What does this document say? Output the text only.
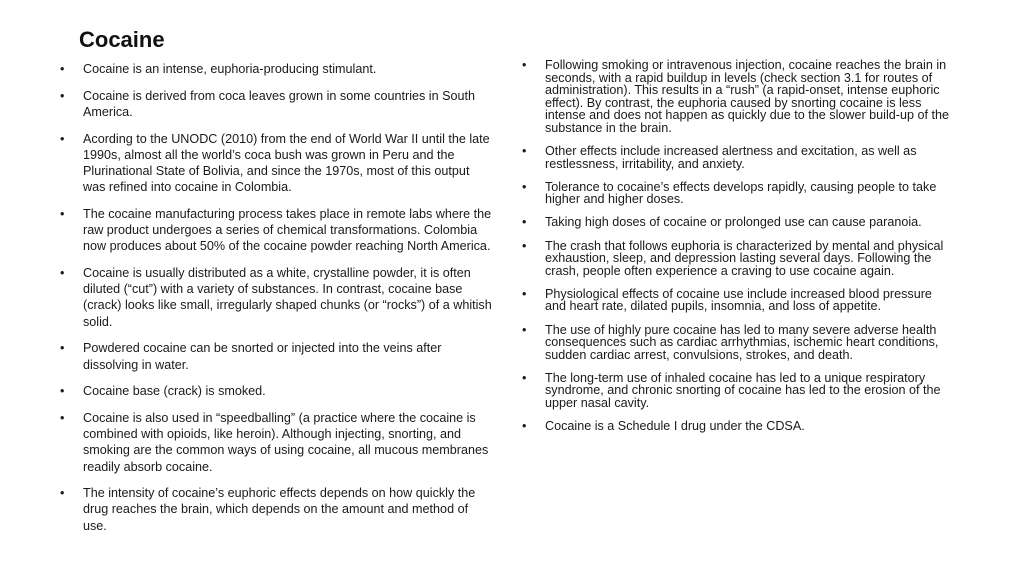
Cocaine
• Cocaine is an intense, euphoria-producing stimulant.
• Cocaine is derived from coca leaves grown in some countries in South America.
• Acording to the UNODC (2010) from the end of World War II until the late 1990s, almost all the world’s coca bush was grown in Peru and the Plurinational State of Bolivia, and since the 1970s, most of this output was refined into cocaine in Colombia.
• The cocaine manufacturing process takes place in remote labs where the raw product undergoes a series of chemical transformations. Colombia now produces about 50% of the cocaine powder reaching North America.
• Cocaine is usually distributed as a white, crystalline powder, it is often diluted (“cut”) with a variety of substances. In contrast, cocaine base (crack) looks like small, irregularly shaped chunks (or “rocks”) of a whitish solid.
• Powdered cocaine can be snorted or injected into the veins after dissolving in water.
• Cocaine base (crack) is smoked.
• Cocaine is also used in “speedballing” (a practice where the cocaine is combined with opioids, like heroin). Although injecting, snorting, and smoking are the common ways of using cocaine, all mucous membranes readily absorb cocaine.
• The intensity of cocaine’s euphoric effects depends on how quickly the drug reaches the brain, which depends on the amount and method of use.
• Following smoking or intravenous injection, cocaine reaches the brain in seconds, with a rapid buildup in levels (check section 3.1 for routes of administration). This results in a “rush” (a rapid-onset, intense euphoric effect). By contrast, the euphoria caused by snorting cocaine is less intense and does not happen as quickly due to the slower build-up of the substance in the brain.
• Other effects include increased alertness and excitation, as well as restlessness, irritability, and anxiety.
• Tolerance to cocaine’s effects develops rapidly, causing people to take higher and higher doses.
• Taking high doses of cocaine or prolonged use can cause paranoia.
• The crash that follows euphoria is characterized by mental and physical exhaustion, sleep, and depression lasting several days. Following the crash, people often experience a craving to use cocaine again.
• Physiological effects of cocaine use include increased blood pressure and heart rate, dilated pupils, insomnia, and loss of appetite.
• The use of highly pure cocaine has led to many severe adverse health consequences such as cardiac arrhythmias, ischemic heart conditions, sudden cardiac arrest, convulsions, strokes, and death.
• The long-term use of inhaled cocaine has led to a unique respiratory syndrome, and chronic snorting of cocaine has led to the erosion of the upper nasal cavity.
• Cocaine is a Schedule I drug under the CDSA.
